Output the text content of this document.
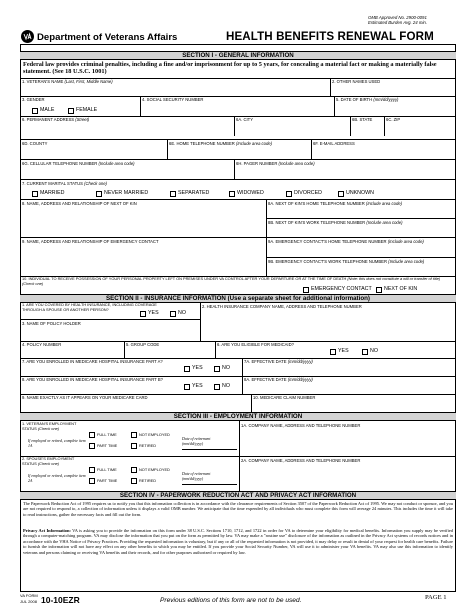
OMB Approved No. 2900-0091
Estimated Burden Avg. 24 min.
Department of Veterans Affairs	HEALTH BENEFITS RENEWAL FORM
SECTION I - GENERAL INFORMATION
Federal law provides criminal penalties, including a fine and/or imprisonment for up to 5 years, for concealing a material fact or making a materially false statement. (See 18 U.S.C. 1001)
1. VETERAN'S NAME (Last, First, Middle Name)	2. OTHER NAMES USED
3. GENDER
MALE	FEMALE
4. SOCIAL SECURITY NUMBER	5. DATE OF BIRTH (mm/dd/yyyy)
6. PERMANENT ADDRESS (Street)	6A. CITY	6B. STATE	6C. ZIP
6D. COUNTY	6E. HOME TELEPHONE NUMBER (Include area code)	6F. E-MAIL ADDRESS
6G. CELLULAR TELEPHONE NUMBER (Include area code)	6H. PAGER NUMBER (Include area code)
7. CURRENT MARITAL STATUS (Check one)
MARRIED	NEVER MARRIED	SEPARATED	WIDOWED	DIVORCED	UNKNOWN
8. NAME, ADDRESS AND RELATIONSHIP OF NEXT OF KIN	8A. NEXT OF KIN'S HOME TELEPHONE NUMBER (Include area code)
8B. NEXT OF KIN'S WORK TELEPHONE NUMBER (Include area code)
9. NAME, ADDRESS AND RELATIONSHIP OF EMERGENCY CONTACT	9A. EMERGENCY CONTACT'S HOME TELEPHONE NUMBER (Include area code)
9B. EMERGENCY CONTACT'S WORK TELEPHONE NUMBER (Include area code)
10. INDIVIDUAL TO RECEIVE POSSESSION OF YOUR PERSONAL PROPERTY LEFT ON PREMISES UNDER VA CONTROL AFTER YOUR DEPARTURE OR AT THE TIME OF DEATH (Note: this does not constitute a will or transfer of title) (Check one)
EMERGENCY CONTACT NEXT OF KIN
SECTION II - INSURANCE INFORMATION (Use a separate sheet for additional information)
1. ARE YOU COVERED BY HEALTH INSURANCE, INCLUDING COVERAGE THROUGH A SPOUSE OR ANOTHER PERSON?
YES	NO
2. HEALTH INSURANCE COMPANY NAME, ADDRESS AND TELEPHONE NUMBER
3. NAME OF POLICY HOLDER
4. POLICY NUMBER	5. GROUP CODE	6. ARE YOU ELIGIBLE FOR MEDICAID?
YES	NO
7. ARE YOU ENROLLED IN MEDICARE HOSPITAL INSURANCE PART A?
YES	NO
7A. EFFECTIVE DATE (mm/dd/yyyy)
8. ARE YOU ENROLLED IN MEDICARE HOSPITAL INSURANCE PART B?
YES	NO
8A. EFFECTIVE DATE (mm/dd/yyyy)
9. NAME EXACTLY AS IT APPEARS ON YOUR MEDICARE CARD	10. MEDICARE CLAIM NUMBER
SECTION III - EMPLOYMENT INFORMATION
1. VETERAN'S EMPLOYMENT STATUS (Check one)
If employed or retired, complete item 1A
FULL TIME	NOT EMPLOYED
PART TIME	RETIRED
Date of retirement
(mm/dd/yyyy)
1A. COMPANY NAME, ADDRESS AND TELEPHONE NUMBER
2. SPOUSE'S EMPLOYMENT STATUS (Check one)
If employed or retired, complete item 2A
FULL TIME	NOT EMPLOYED
PART TIME	RETIRED
Date of retirement
(mm/dd/yyyy)
2A. COMPANY NAME, ADDRESS AND TELEPHONE NUMBER
SECTION IV - PAPERWORK REDUCTION ACT AND PRIVACY ACT INFORMATION
The Paperwork Reduction Act of 1995 requires us to notify you that this information collection is in accordance with the clearance requirements of Section 3507 of the Paperwork Reduction Act of 1995. We may not conduct or sponsor, and you are not required to respond to, a collection of information unless it displays a valid OMB number. We anticipate that the time expended by all individuals who must complete this form will average 24 minutes. This includes the time it will take to read instructions, gather the necessary facts and fill out the form.
Privacy Act Information: VA is asking you to provide the information on this form under 38 U.S.C. Sections 1710, 1712, and 1722 in order for VA to determine your eligibility for medical benefits. Information you supply may be verified through a computer-matching program. VA may disclose the information that you put on the form as permitted by law. VA may make a "routine use" disclosure of the information as outlined in the Privacy Act systems of records notices and in accordance with the VHA Notice of Privacy Practices. Providing the requested information is voluntary, but if any or all of the requested information is not provided, it may delay or result in denial of your request for health care benefits. Failure to furnish the information will not have any effect on any other benefits to which you may be entitled. If you provide your Social Security Number, VA will use it to administer your VA benefits. VA may also use this information to identify veterans and persons claiming or receiving VA benefits and their records, and for other purposes authorized or required by law.
VA FORM
JUL 2008 10-10EZR	Previous editions of this form are not to be used.	PAGE 1
